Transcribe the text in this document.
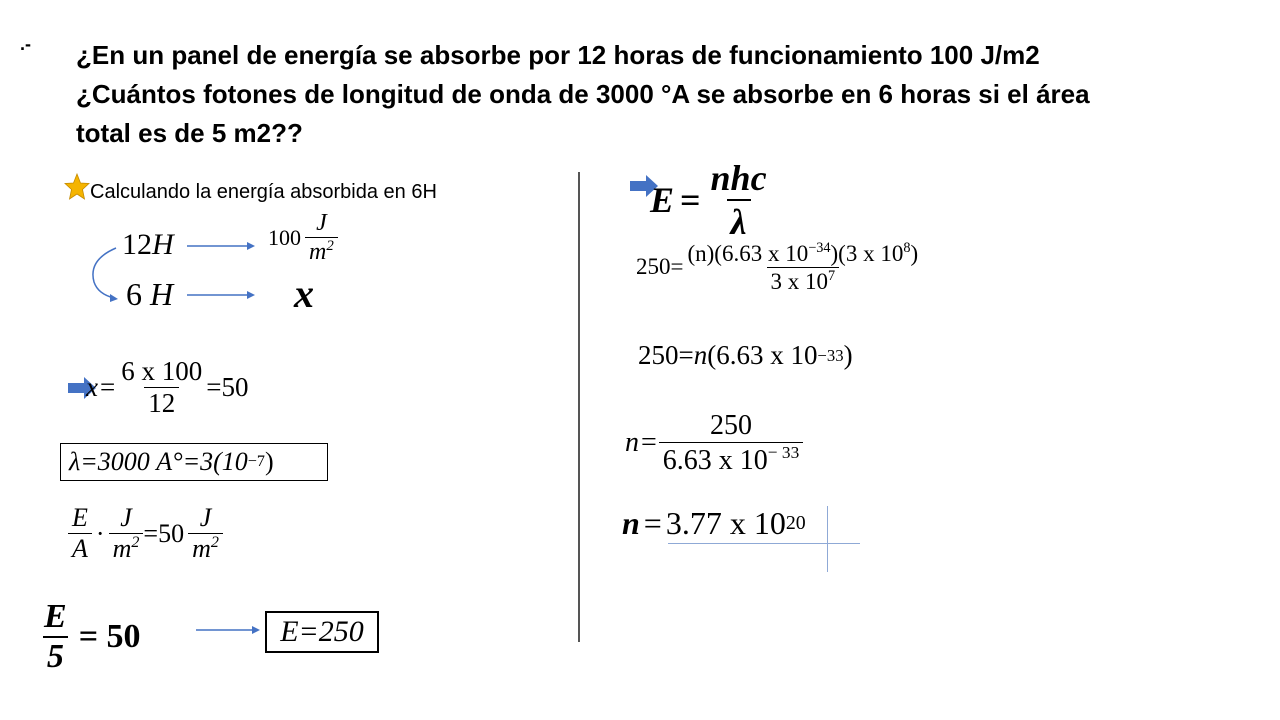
.- ¿En un panel de energía se absorbe por 12 horas de funcionamiento 100 J/m2 ¿Cuántos fotones de longitud de onda de 3000 °A se absorbe en 6 horas si el área total es de 5 m2??

Calculando la energía absorbida en 6H
12H	$100 \frac{J}{m^2}$
6 H	x
$x = \frac{6 x 100}{12} =50$
λ=3000 A°=3(10 −7 )
$\frac{E}{A} \cdot \frac{J}{m^2} =50 \frac{J}{m^2}$
$\frac{E}{5} = 50$	E=250
$E = \frac{\text{nhc}}{\lambda}$
$250= \frac{(n)(6.63 x 10^{-34})(3 x 10^8)}{3 x 10^7}$
250= n (6.63 x 10 −33 )
$n = \frac{250}{6.63 x 10^{- 33}}$
n = 3.77 x 10 20
